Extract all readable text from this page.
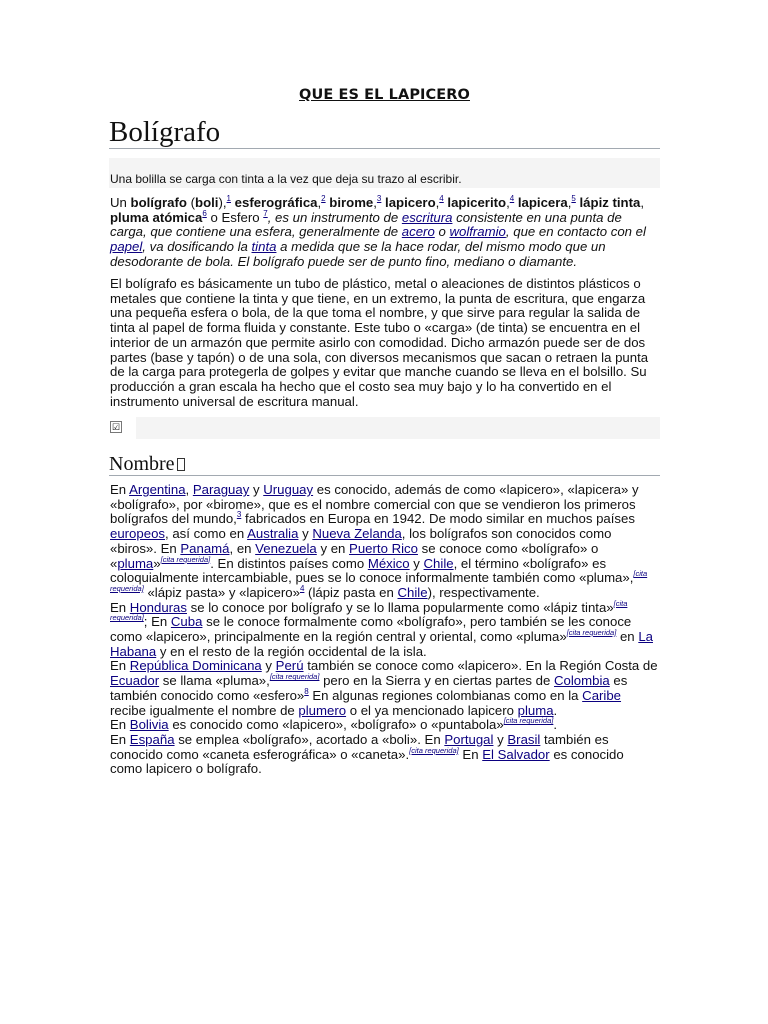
QUE ES EL LAPICERO
Bolígrafo
Una bolilla se carga con tinta a la vez que deja su trazo al escribir.
Un bolígrafo (boli),$^1$ esferográfica,$^2$ birome,$^3$ lapicero,$^4$ lapicerito,$^4$ lapicera,$^5$ lápiz tinta, pluma atómica$^6$ o Esfero $^7$, es un instrumento de escritura consistente en una punta de carga, que contiene una esfera, generalmente de acero o wolframio, que en contacto con el papel, va dosificando la tinta a medida que se la hace rodar, del mismo modo que un desodorante de bola. El bolígrafo puede ser de punto fino, mediano o diamante.
El bolígrafo es básicamente un tubo de plástico, metal o aleaciones de distintos plásticos o metales que contiene la tinta y que tiene, en un extremo, la punta de escritura, que engarza una pequeña esfera o bola, de la que toma el nombre, y que sirve para regular la salida de tinta al papel de forma fluida y constante. Este tubo o «carga» (de tinta) se encuentra en el interior de un armazón que permite asirlo con comodidad. Dicho armazón puede ser de dos partes (base y tapón) o de una sola, con diversos mecanismos que sacan o retraen la punta de la carga para protegerla de golpes y evitar que manche cuando se lleva en el bolsillo. Su producción a gran escala ha hecho que el costo sea muy bajo y lo ha convertido en el instrumento universal de escritura manual.
☑
Nombre
En Argentina, Paraguay y Uruguay es conocido, además de como «lapicero», «lapicera» y «bolígrafo», por «birome», que es el nombre comercial con que se vendieron los primeros bolígrafos del mundo,$^3$ fabricados en Europa en 1942. De modo similar en muchos países europeos, así como en Australia y Nueva Zelanda, los bolígrafos son conocidos como «biros». En Panamá, en Venezuela y en Puerto Rico se conoce como «bolígrafo» o «pluma»[cita requerida]. En distintos países como México y Chile, el término «bolígrafo» es coloquialmente intercambiable, pues se lo conoce informalmente también como «pluma»,[cita requerida] «lápiz pasta» y «lapicero»$^4$ (lápiz pasta en Chile), respectivamente.
En Honduras se lo conoce por bolígrafo y se lo llama popularmente como «lápiz tinta»[cita requerida]; En Cuba se le conoce formalmente como «bolígrafo», pero también se les conoce como «lapicero», principalmente en la región central y oriental, como «pluma»[cita requerida] en La Habana y en el resto de la región occidental de la isla.
En República Dominicana y Perú también se conoce como «lapicero». En la Región Costa de Ecuador se llama «pluma»,[cita requerida] pero en la Sierra y en ciertas partes de Colombia es también conocido como «esfero»$^8$ En algunas regiones colombianas como en la Caribe recibe igualmente el nombre de plumero o el ya mencionado lapicero pluma.
En Bolivia es conocido como «lapicero», «bolígrafo» o «puntabola»[cita requerida].
En España se emplea «bolígrafo», acortado a «boli». En Portugal y Brasil también es conocido como «caneta esferográfica» o «caneta».[cita requerida] En El Salvador es conocido como lapicero o bolígrafo.
